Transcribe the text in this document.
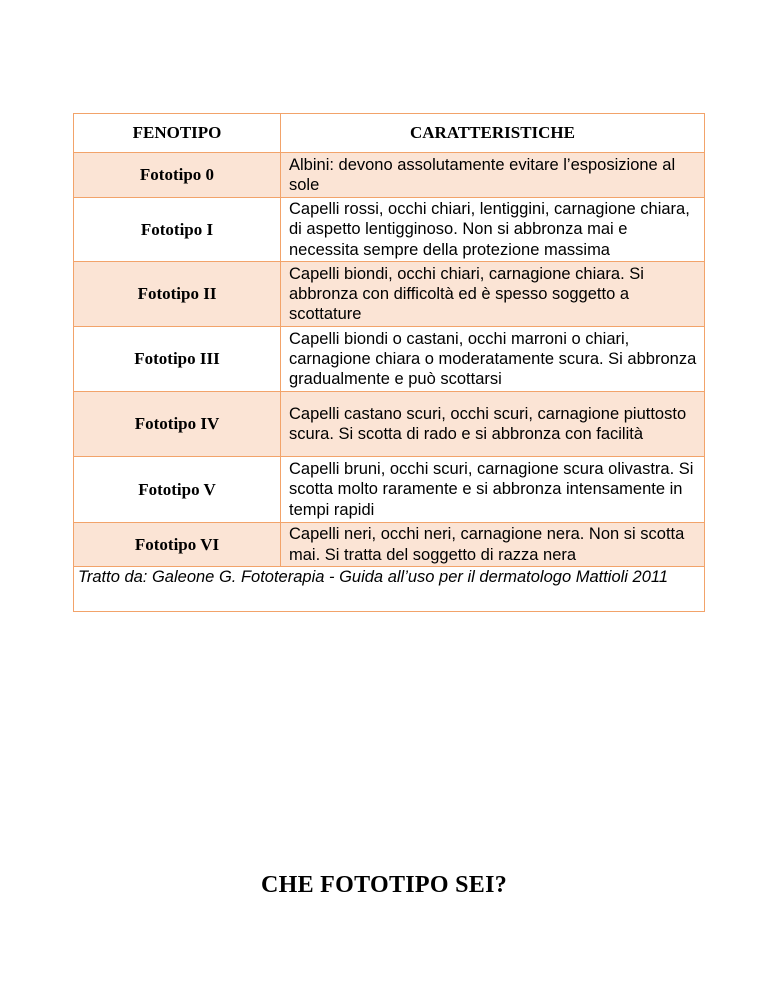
FENOTIPO	CARATTERISTICHE
Fototipo 0	Albini: devono assolutamente evitare l’esposizione al sole
Fototipo I	Capelli rossi, occhi chiari, lentiggini, carnagione chiara, di aspetto lentigginoso. Non si abbronza mai e necessita sempre della protezione massima
Fototipo II	Capelli biondi, occhi chiari, carnagione chiara. Si abbronza con difficoltà ed è spesso soggetto a scottature
Fototipo III	Capelli biondi o castani, occhi marroni o chiari, carnagione chiara o moderatamente scura. Si abbronza gradualmente e può scottarsi
Fototipo IV	Capelli castano scuri, occhi scuri, carnagione piuttosto scura. Si scotta di rado e si abbronza con facilità
Fototipo V	Capelli bruni, occhi scuri, carnagione scura olivastra. Si scotta molto raramente e si abbronza intensamente in tempi rapidi
Fototipo VI	Capelli neri, occhi neri, carnagione nera. Non si scotta mai. Si tratta del soggetto di razza nera
Tratto da: Galeone G. Fototerapia - Guida all’uso per il dermatologo Mattioli 2011	
CHE FOTOTIPO SEI?
